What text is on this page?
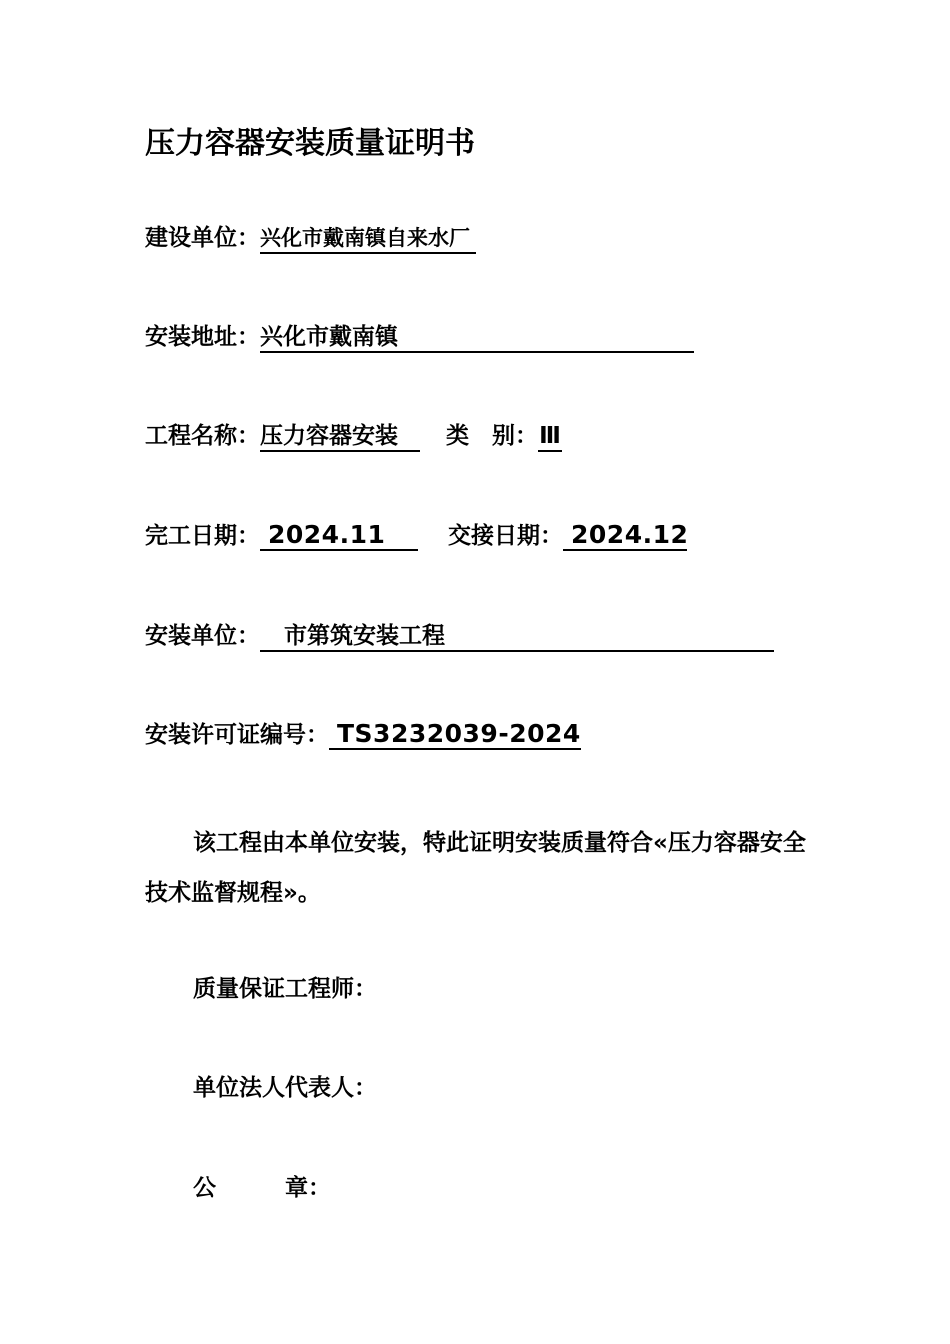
压力容器安装质量证明书
建设单位：兴化市戴南镇自来水厂
安装地址：兴化市戴南镇
工程名称：压力容器安装 类　别：Ⅲ
完工日期： 2024.11	交接日期： 2024.12
安装单位： 市第筑安装工程
安装许可证编号： TS3232039-2024
该工程由本单位安装，特此证明安装质量符合«压力容器安全技术监督规程»。
质量保证工程师：
单位法人代表人：
公　　　章：
